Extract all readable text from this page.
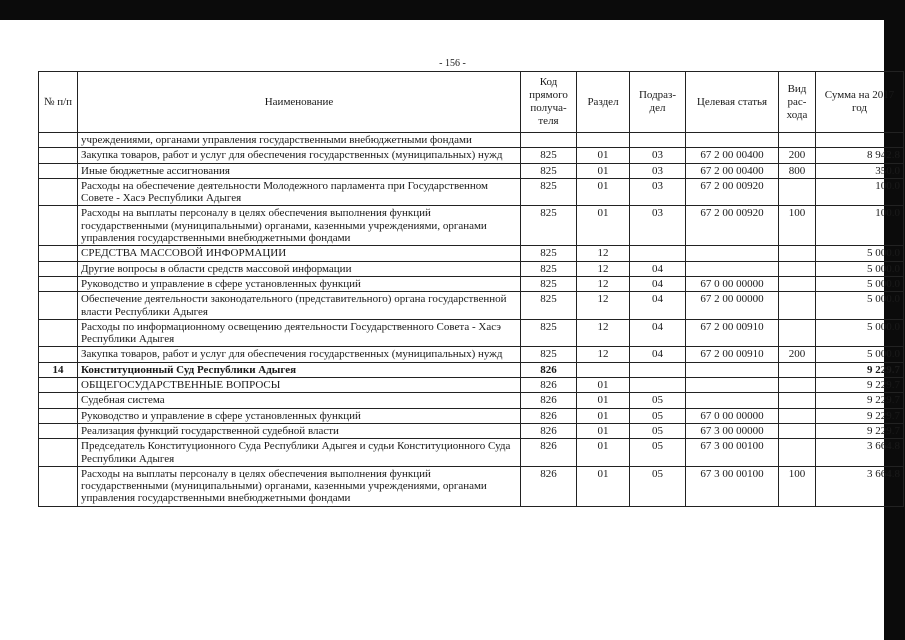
- 156 -
№ п/п	Наименование	Код прямого получа-теля	Раздел	Подраз-дел	Целевая статья	Вид рас-хода	Сумма на 2017 год
	учреждениями, органами управления государственными внебюджетными фондами						
	Закупка товаров, работ и услуг для обеспечения государственных (муниципальных) нужд	825	01	03	67 2 00 00400	200	8 942.8
	Иные бюджетные ассигнования	825	01	03	67 2 00 00400	800	350.0
	Расходы на обеспечение деятельности Молодежного парламента при Государственном Совете - Хасэ Республики Адыгея	825	01	03	67 2 00 00920		100.0
	Расходы на выплаты персоналу в целях обеспечения выполнения функций государственными (муниципальными) органами, казенными учреждениями, органами управления государственными внебюджетными фондами	825	01	03	67 2 00 00920	100	100.0
	СРЕДСТВА МАССОВОЙ ИНФОРМАЦИИ	825	12				5 000.0
	Другие вопросы в области средств массовой информации	825	12	04			5 000.0
	Руководство и управление в сфере установленных функций	825	12	04	67 0 00 00000		5 000.0
	Обеспечение деятельности законодательного (представительного) органа государственной власти Республики Адыгея	825	12	04	67 2 00 00000		5 000.0
	Расходы по информационному освещению деятельности Государственного Совета - Хасэ Республики Адыгея	825	12	04	67 2 00 00910		5 000.0
	Закупка товаров, работ и услуг для обеспечения государственных (муниципальных) нужд	825	12	04	67 2 00 00910	200	5 000.0
14	Конституционный Суд Республики Адыгея	826					9 229.7
	ОБЩЕГОСУДАРСТВЕННЫЕ ВОПРОСЫ	826	01				9 229.7
	Судебная система	826	01	05			9 229.7
	Руководство и управление в сфере установленных функций	826	01	05	67 0 00 00000		9 229.7
	Реализация функций государственной судебной власти	826	01	05	67 3 00 00000		9 229.7
	Председатель Конституционного Суда Республики Адыгея и судьи Конституционного Суда Республики Адыгея	826	01	05	67 3 00 00100		3 664.8
	Расходы на выплаты персоналу в целях обеспечения выполнения функций государственными (муниципальными) органами, казенными учреждениями, органами управления государственными внебюджетными фондами	826	01	05	67 3 00 00100	100	3 664.8
